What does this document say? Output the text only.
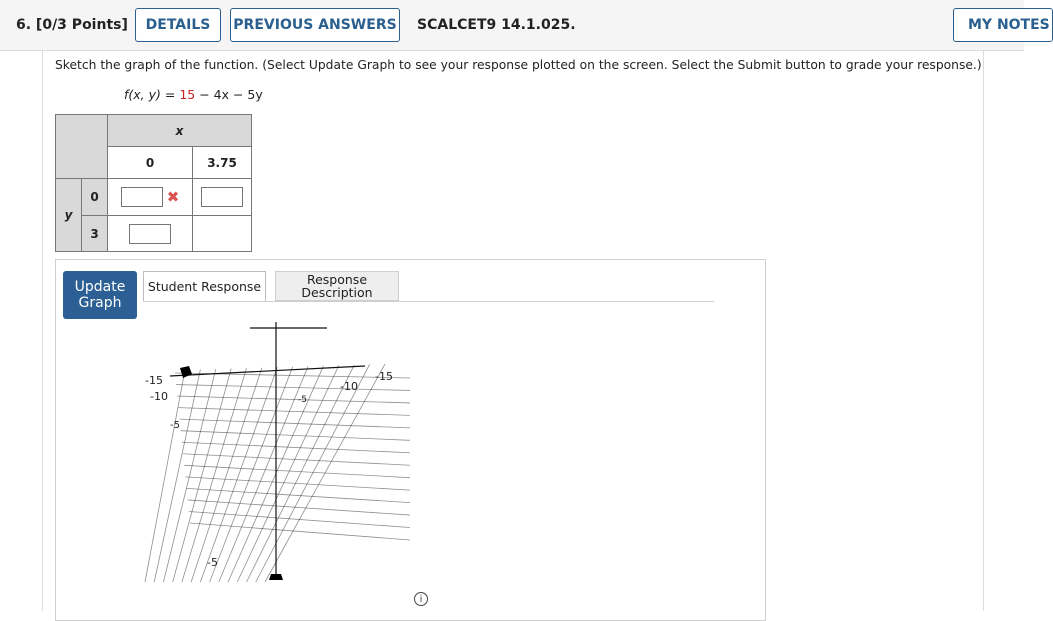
6. [0/3 Points]	DETAILS	PREVIOUS ANSWERS SCALCET9 14.1.025.	MY NOTES
Sketch the graph of the function. (Select Update Graph to see your response plotted on the screen. Select the Submit button to grade your response.)
f(x, y) = 15 − 4x − 5y
		x	
		0	3.75
y	0	✖	
	3		
Update Graph
Student Response	Response Description
-15
-10
-5
-10
-15
-5
-5
i
